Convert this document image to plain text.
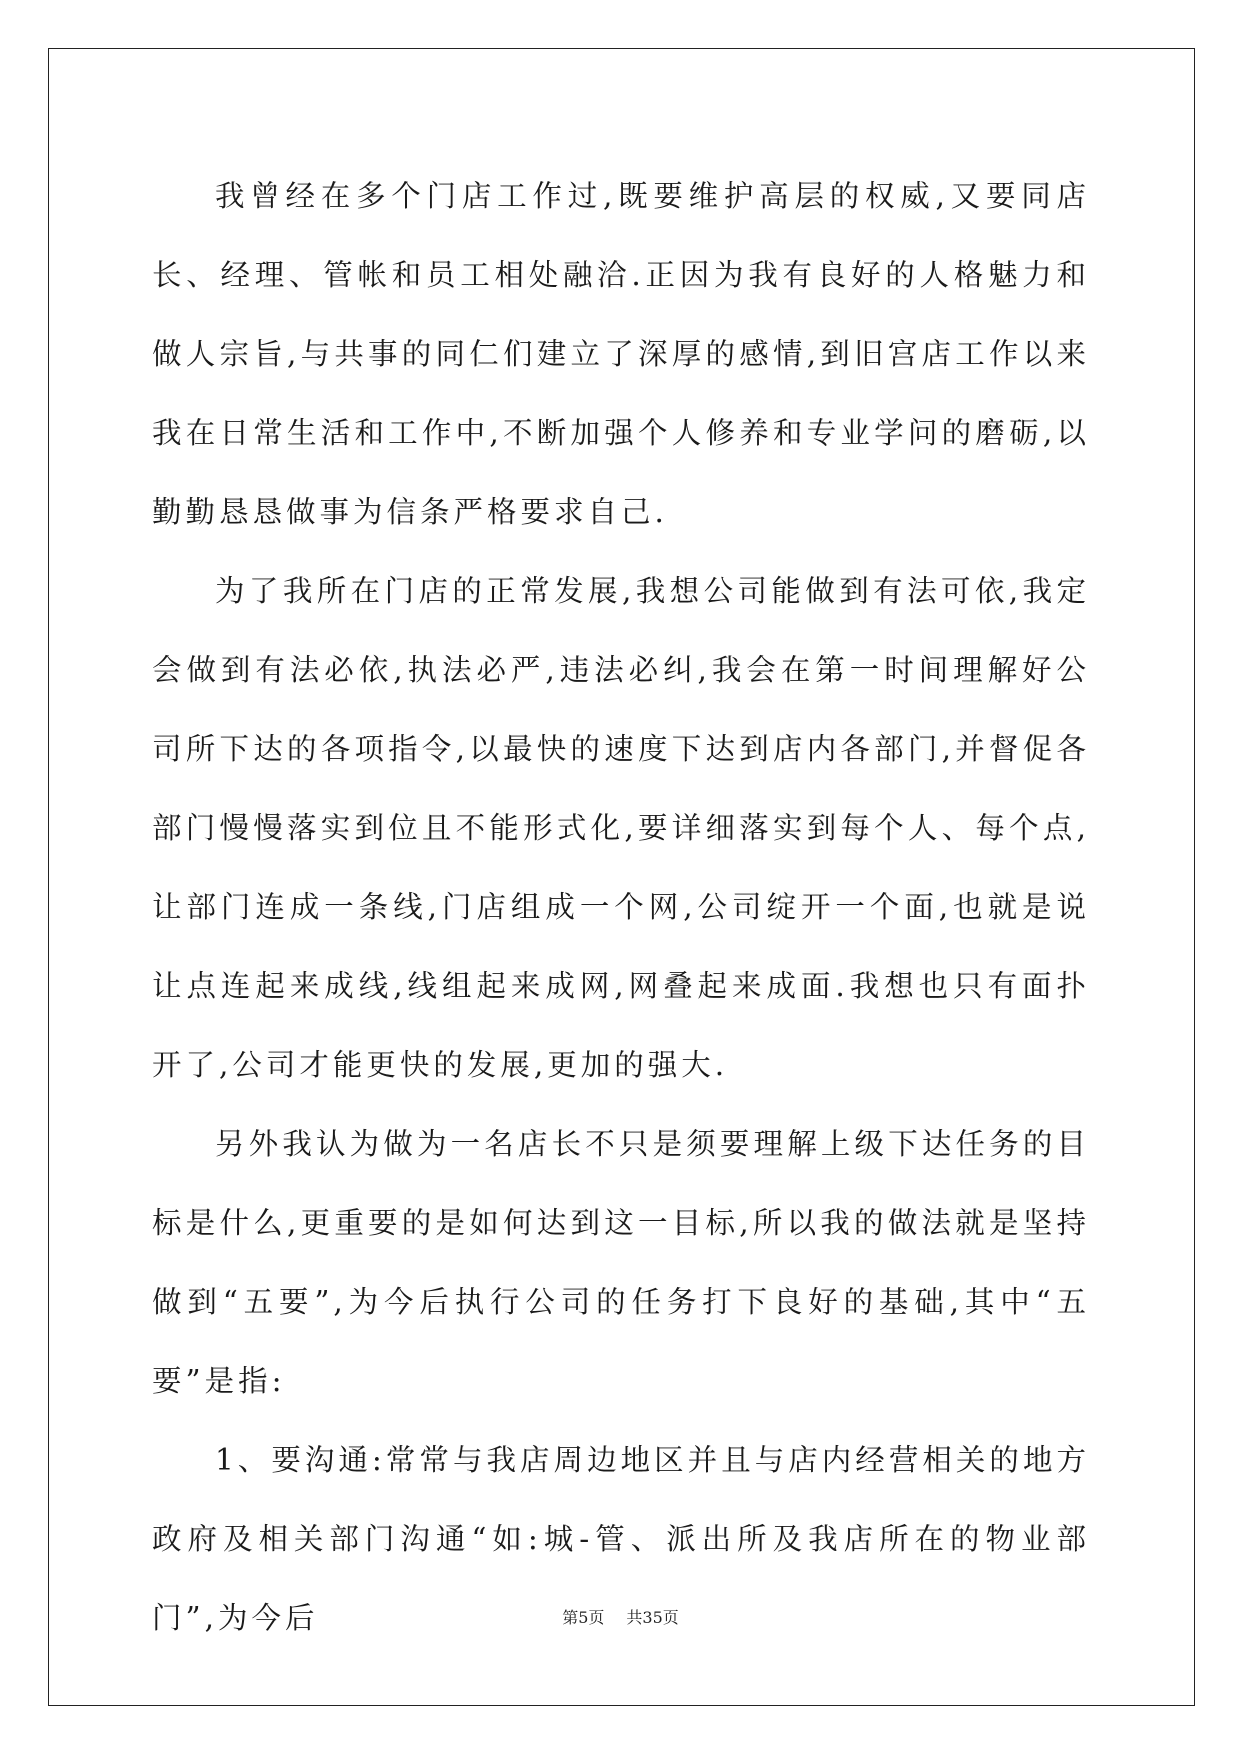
我曾经在多个门店工作过,既要维护高层的权威,又要同店长、经理、管帐和员工相处融洽.正因为我有良好的人格魅力和做人宗旨,与共事的同仁们建立了深厚的感情,到旧宫店工作以来我在日常生活和工作中,不断加强个人修养和专业学问的磨砺,以勤勤恳恳做事为信条严格要求自己.

为了我所在门店的正常发展,我想公司能做到有法可依,我定会做到有法必依,执法必严,违法必纠,我会在第一时间理解好公司所下达的各项指令,以最快的速度下达到店内各部门,并督促各部门慢慢落实到位且不能形式化,要详细落实到每个人、每个点,让部门连成一条线,门店组成一个网,公司绽开一个面,也就是说让点连起来成线,线组起来成网,网叠起来成面.我想也只有面扑开了,公司才能更快的发展,更加的强大.

另外我认为做为一名店长不只是须要理解上级下达任务的目标是什么,更重要的是如何达到这一目标,所以我的做法就是坚持做到“五要”,为今后执行公司的任务打下良好的基础,其中“五要”是指:

1、要沟通:常常与我店周边地区并且与店内经营相关的地方政府及相关部门沟通“如:城-管、派出所及我店所在的物业部门”,为今后	第5页 共35页
